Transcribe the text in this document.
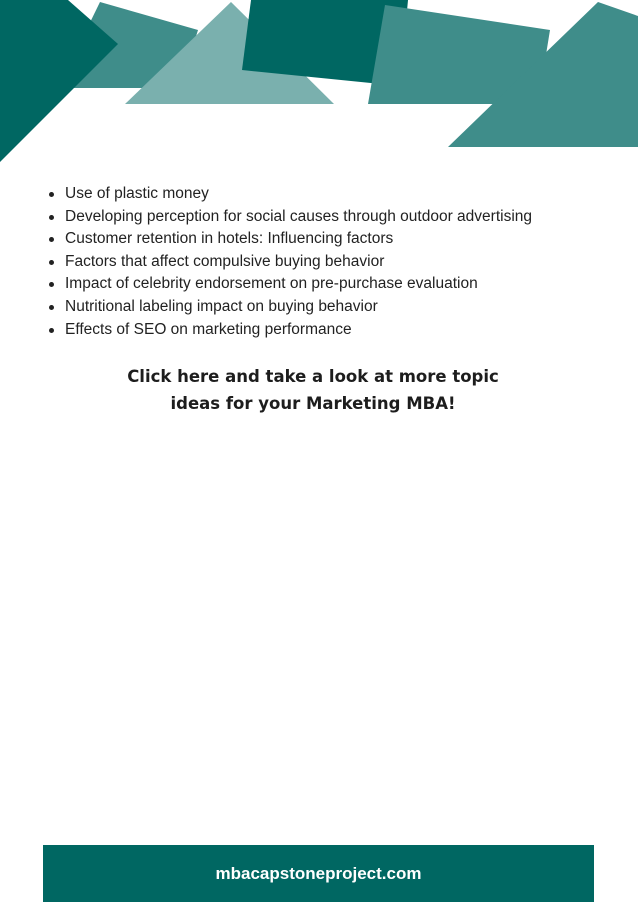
Use of plastic money
Developing perception for social causes through outdoor advertising
Customer retention in hotels: Influencing factors
Factors that affect compulsive buying behavior
Impact of celebrity endorsement on pre-purchase evaluation
Nutritional labeling impact on buying behavior
Effects of SEO on marketing performance
Click here and take a look at more topic
ideas for your Marketing MBA!
mbacapstoneproject.com
